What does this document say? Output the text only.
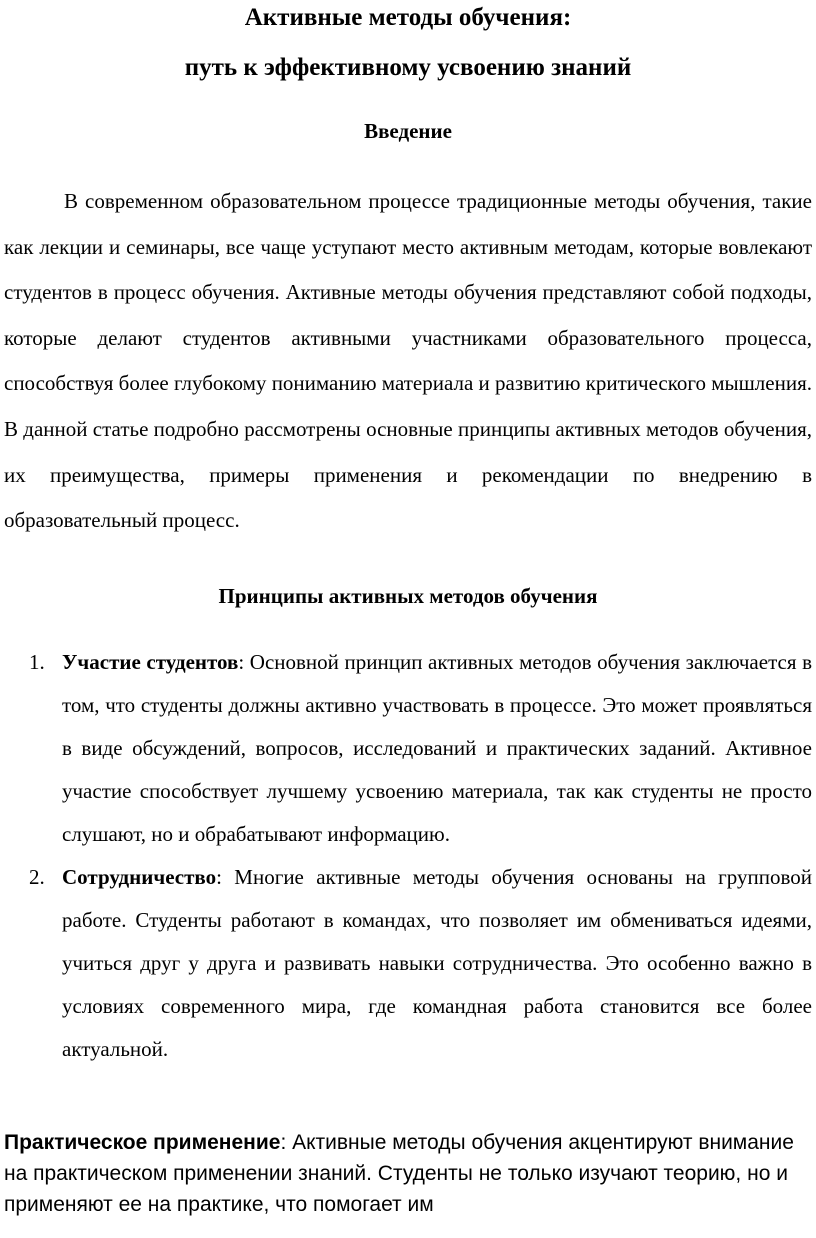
Активные методы обучения:
путь к эффективному усвоению знаний
Введение

В современном образовательном процессе традиционные методы обучения, такие как лекции и семинары, все чаще уступают место активным методам, которые вовлекают студентов в процесс обучения. Активные методы обучения представляют собой подходы, которые делают студентов активными участниками образовательного процесса, способствуя более глубокому пониманию материала и развитию критического мышления. В данной статье подробно рассмотрены основные принципы активных методов обучения, их преимущества, примеры применения и рекомендации по внедрению в образовательный процесс.

Принципы активных методов обучения
1. Участие студентов: Основной принцип активных методов обучения заключается в том, что студенты должны активно участвовать в процессе. Это может проявляться в виде обсуждений, вопросов, исследований и практических заданий. Активное участие способствует лучшему усвоению материала, так как студенты не просто слушают, но и обрабатывают информацию.
2. Сотрудничество: Многие активные методы обучения основаны на групповой работе. Студенты работают в командах, что позволяет им обмениваться идеями, учиться друг у друга и развивать навыки сотрудничества. Это особенно важно в условиях современного мира, где командная работа становится все более актуальной.

Практическое применение: Активные методы обучения акцентируют внимание на практическом применении знаний. Студенты не только изучают теорию, но и применяют ее на практике, что помогает им
